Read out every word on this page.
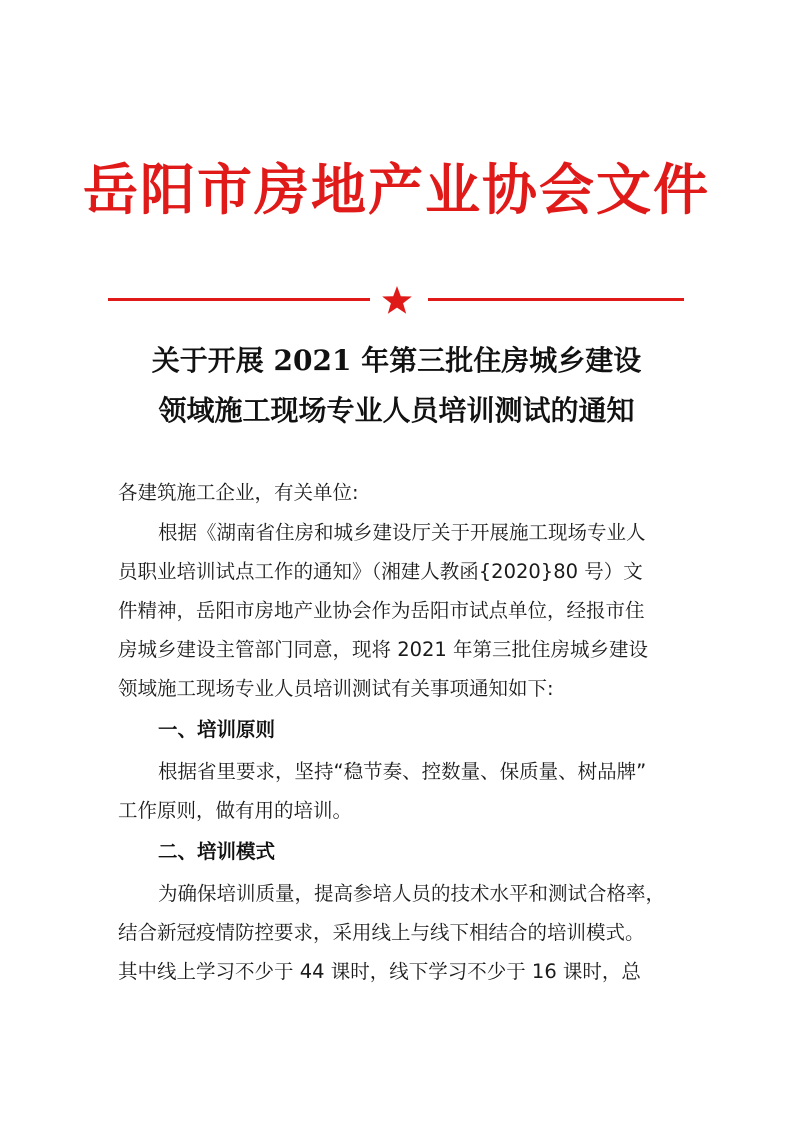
岳阳市房地产业协会文件
关于开展 2021 年第三批住房城乡建设
领域施工现场专业人员培训测试的通知
各建筑施工企业，有关单位:
根据《湖南省住房和城乡建设厅关于开展施工现场专业人
员职业培训试点工作的通知》（湘建人教函{2020}80 号）文
件精神，岳阳市房地产业协会作为岳阳市试点单位，经报市住
房城乡建设主管部门同意，现将 2021 年第三批住房城乡建设
领域施工现场专业人员培训测试有关事项通知如下:
一、培训原则
根据省里要求，坚持“稳节奏、控数量、保质量、树品牌”
工作原则，做有用的培训。
二、培训模式
为确保培训质量，提高参培人员的技术水平和测试合格率，
结合新冠疫情防控要求，采用线上与线下相结合的培训模式。
其中线上学习不少于 44 课时，线下学习不少于 16 课时，总
